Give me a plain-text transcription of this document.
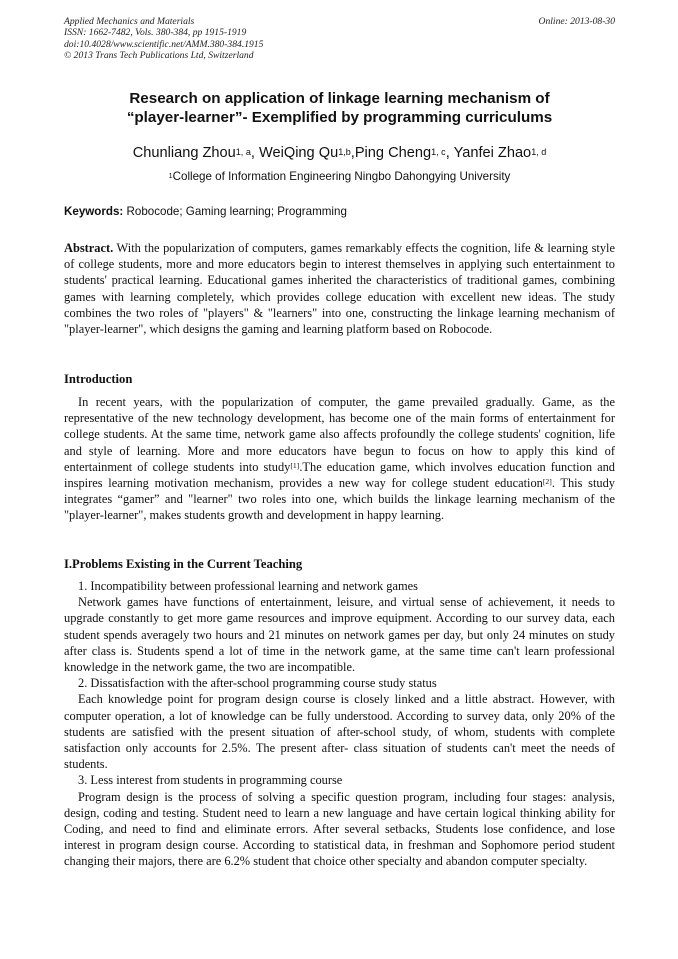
Applied Mechanics and Materials
ISSN: 1662-7482, Vols. 380-384, pp 1915-1919
doi:10.4028/www.scientific.net/AMM.380-384.1915
© 2013 Trans Tech Publications Ltd, Switzerland
Online: 2013-08-30
Research on application of linkage learning mechanism of
“player-learner”- Exemplified by programming curriculums
Chunliang Zhou$^{1, a}$, WeiQing Qu$^{1,b}$,Ping Cheng$^{1, c}$, Yanfei Zhao$^{1, d}$
$^1$College of Information Engineering Ningbo Dahongying University
Keywords: Robocode; Gaming learning; Programming

Abstract. With the popularization of computers, games remarkably effects the cognition, life & learning style of college students, more and more educators begin to interest themselves in applying such entertainment to students' practical learning. Educational games inherited the characteristics of traditional games, combining games with learning completely, which provides college education with excellent new ideas. The study combines the two roles of "players" & "learners" into one, constructing the linkage learning mechanism of "player-learner", which designs the gaming and learning platform based on Robocode.

Introduction

In recent years, with the popularization of computer, the game prevailed gradually. Game, as the representative of the new technology development, has become one of the main forms of entertainment for college students. At the same time, network game also affects profoundly the college students' cognition, life and style of learning. More and more educators have begun to focus on how to apply this kind of entertainment of college students into study[1].The education game, which involves education function and inspires learning motivation mechanism, provides a new way for college student education[2]. This study integrates “gamer” and "learner" two roles into one, which builds the linkage learning mechanism of the "player-learner", makes students growth and development in happy learning.

I.Problems Existing in the Current Teaching

1. Incompatibility between professional learning and network games

Network games have functions of entertainment, leisure, and virtual sense of achievement, it needs to upgrade constantly to get more game resources and improve equipment. According to our survey data, each student spends averagely two hours and 21 minutes on network games per day, but only 24 minutes on study after class is. Students spend a lot of time in the network game, at the same time can't learn professional knowledge in the network game, the two are incompatible.

2. Dissatisfaction with the after-school programming course study status

Each knowledge point for program design course is closely linked and a little abstract. However, with computer operation, a lot of knowledge can be fully understood. According to survey data, only 20% of the students are satisfied with the present situation of after-school study, of whom, students with complete satisfaction only accounts for 2.5%. The present after- class situation of students can't meet the needs of students.

3. Less interest from students in programming course

Program design is the process of solving a specific question program, including four stages: analysis, design, coding and testing. Student need to learn a new language and have certain logical thinking ability for Coding, and need to find and eliminate errors. After several setbacks, Students lose confidence, and lose interest in program design course. According to statistical data, in freshman and Sophomore period student changing their majors, there are 6.2% student that choice other specialty and abandon computer specialty.
